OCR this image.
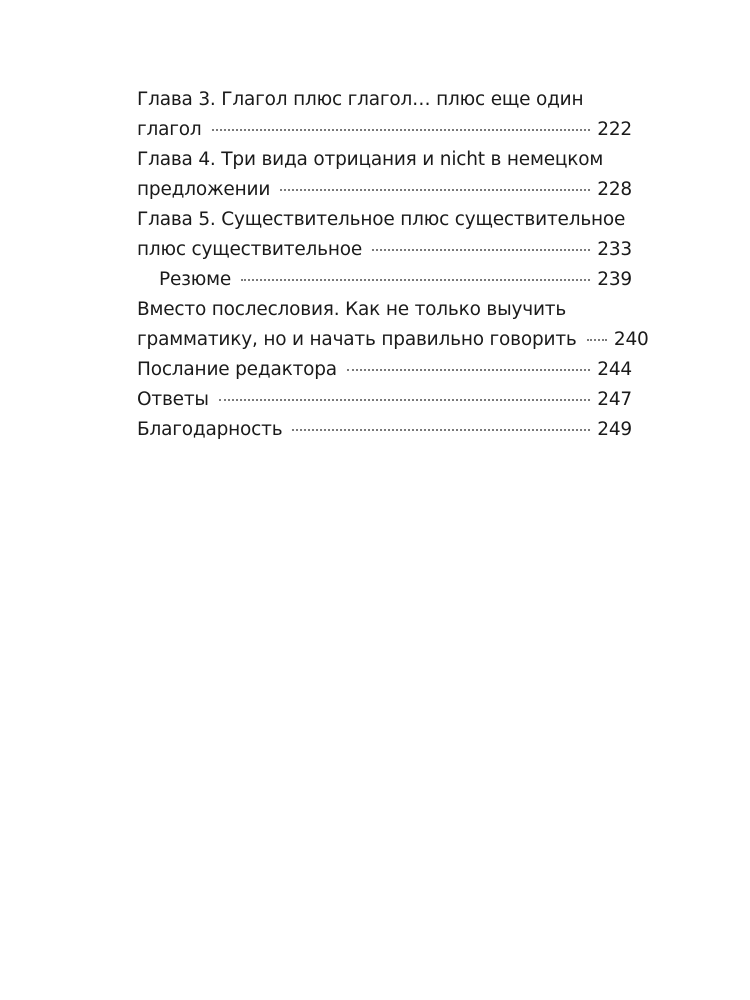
Глава 3. Глагол плюс глагол… плюс еще один
глагол	222
Глава 4. Три вида отрицания и nicht в немецком
предложении	228
Глава 5. Существительное плюс существительное
плюс существительное	233
Резюме	239
Вместо послесловия. Как не только выучить
грамматику, но и начать правильно говорить 240
Послание редактора	244
Ответы	247
Благодарность	249
